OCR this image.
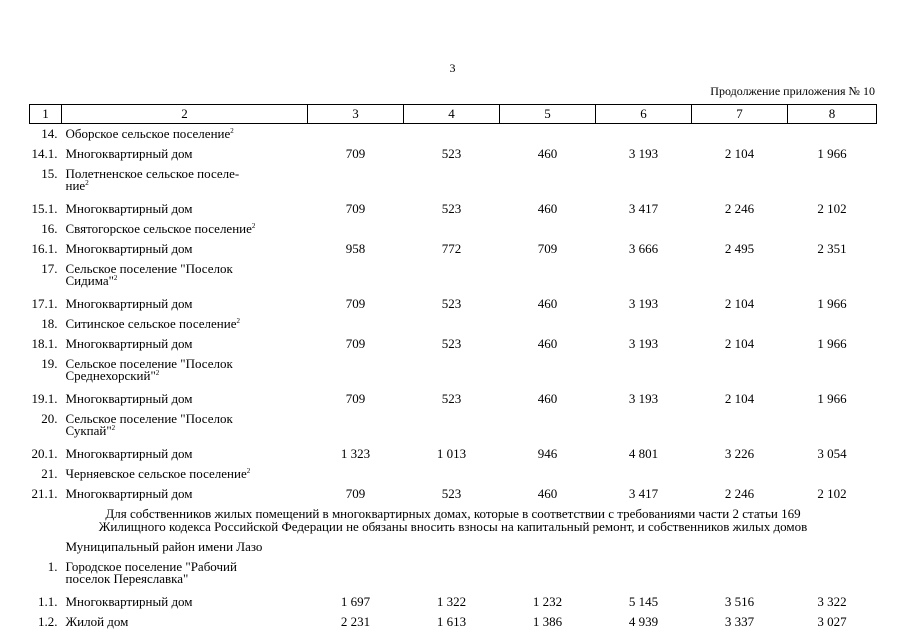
3
Продолжение приложения № 10
1	2	3	4	5	6	7	8
14.	Оборское сельское поселение$^2$						
14.1.	Многоквартирный дом	709	523	460	3 193	2 104	1 966
15.	Полетненское сельское поселе-
ние$^2$						
15.1.	Многоквартирный дом	709	523	460	3 417	2 246	2 102
16.	Святогорское сельское поселение$^2$						
16.1.	Многоквартирный дом	958	772	709	3 666	2 495	2 351
17.	Сельское поселение "Поселок
Сидима"$^2$						
17.1.	Многоквартирный дом	709	523	460	3 193	2 104	1 966
18.	Ситинское сельское поселение$^2$						
18.1.	Многоквартирный дом	709	523	460	3 193	2 104	1 966
19.	Сельское поселение "Поселок
Среднехорский"$^2$						
19.1.	Многоквартирный дом	709	523	460	3 193	2 104	1 966
20.	Сельское поселение "Поселок
Сукпай"$^2$						
20.1.	Многоквартирный дом	1 323	1 013	946	4 801	3 226	3 054
21.	Черняевское сельское поселение$^2$						
21.1.	Многоквартирный дом	709	523	460	3 417	2 246	2 102
Для собственников жилых помещений в многоквартирных домах, которые в соответствии с требованиями части 2 статьи 169
Жилищного кодекса Российской Федерации не обязаны вносить взносы на капитальный ремонт, и собственников жилых домов							
	Муниципальный район имени Лазо						
1.	Городское поселение "Рабочий
поселок Переяславка"						
1.1.	Многоквартирный дом	1 697	1 322	1 232	5 145	3 516	3 322
1.2.	Жилой дом	2 231	1 613	1 386	4 939	3 337	3 027
